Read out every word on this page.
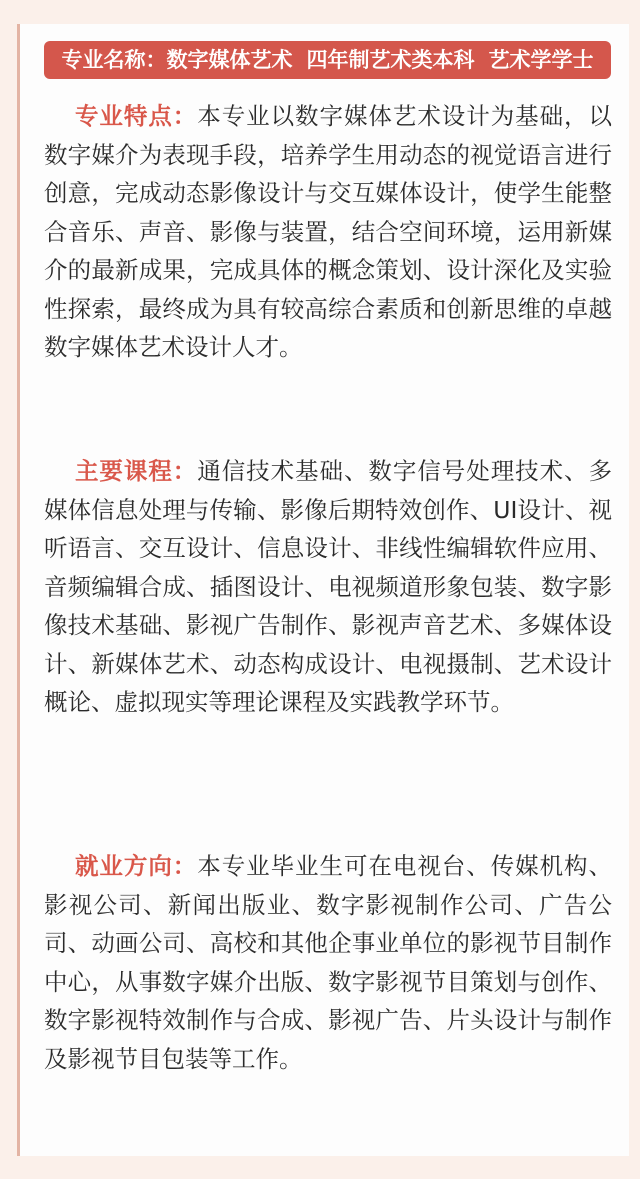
专业名称：数字媒体艺术 四年制艺术类本科 艺术学学士
专业特点：本专业以数字媒体艺术设计为基础，以数字媒介为表现手段，培养学生用动态的视觉语言进行创意，完成动态影像设计与交互媒体设计，使学生能整合音乐、声音、影像与装置，结合空间环境，运用新媒介的最新成果，完成具体的概念策划、设计深化及实验性探索，最终成为具有较高综合素质和创新思维的卓越数字媒体艺术设计人才。
主要课程：通信技术基础、数字信号处理技术、多媒体信息处理与传输、影像后期特效创作、UI设计、视听语言、交互设计、信息设计、非线性编辑软件应用、音频编辑合成、插图设计、电视频道形象包装、数字影像技术基础、影视广告制作、影视声音艺术、多媒体设计、新媒体艺术、动态构成设计、电视摄制、艺术设计概论、虚拟现实等理论课程及实践教学环节。
就业方向：本专业毕业生可在电视台、传媒机构、影视公司、新闻出版业、数字影视制作公司、广告公司、动画公司、高校和其他企事业单位的影视节目制作中心，从事数字媒介出版、数字影视节目策划与创作、数字影视特效制作与合成、影视广告、片头设计与制作及影视节目包装等工作。
